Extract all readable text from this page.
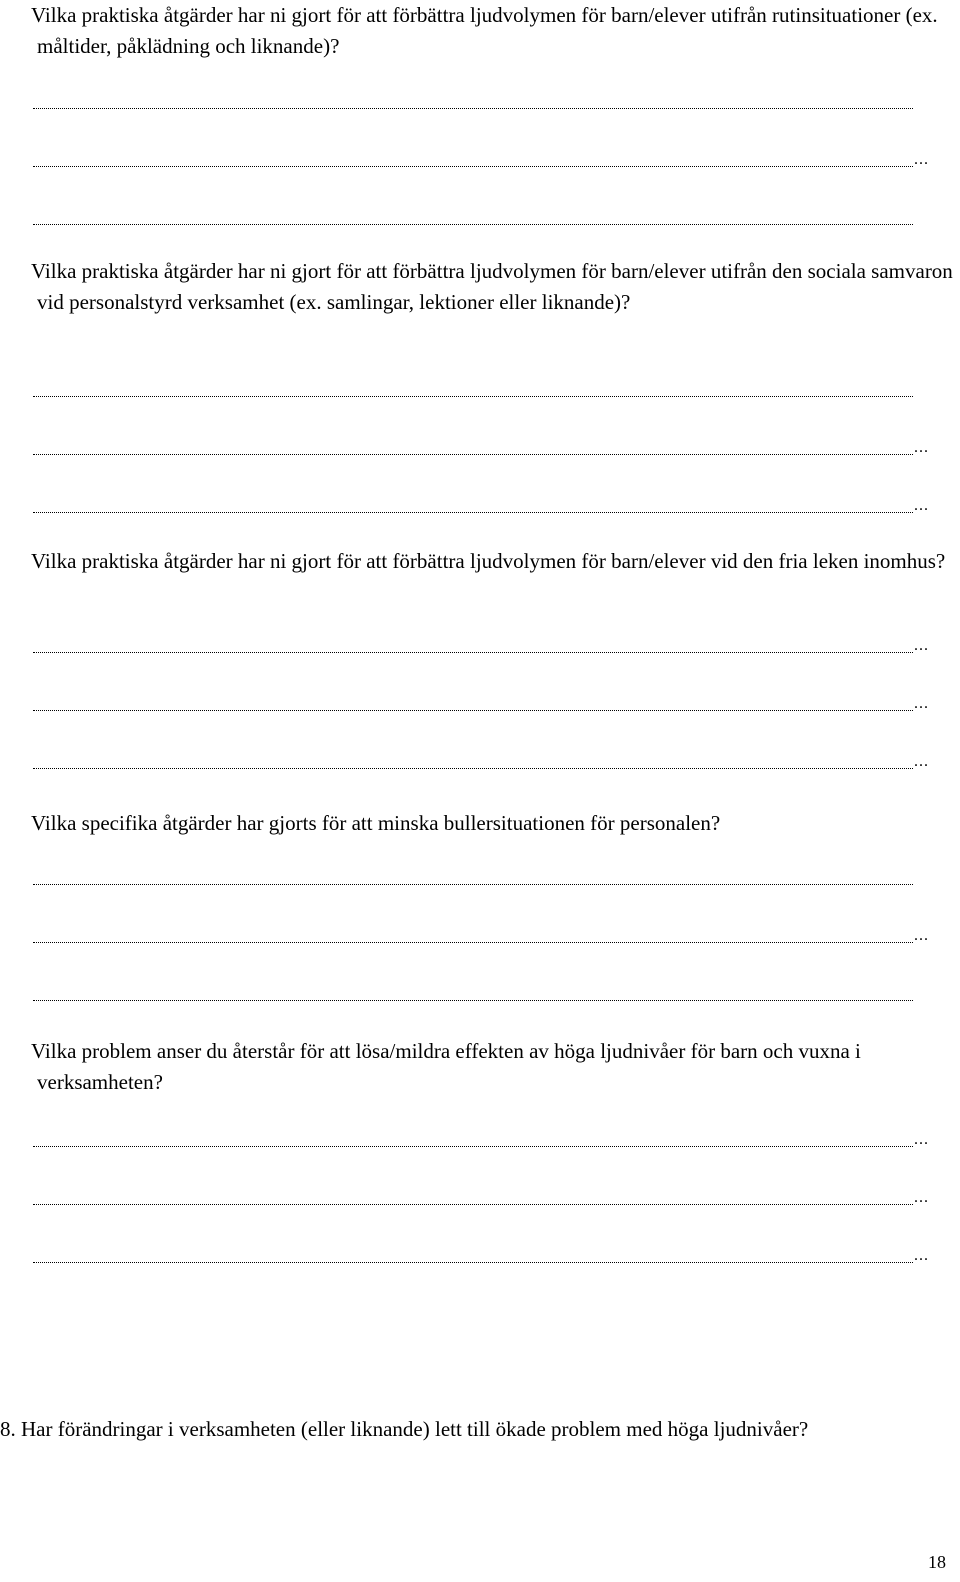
Vilka praktiska åtgärder har ni gjort för att förbättra ljudvolymen för barn/elever utifrån rutinsituationer (ex. måltider, påklädning och liknande)?

...

Vilka praktiska åtgärder har ni gjort för att förbättra ljudvolymen för barn/elever utifrån den sociala samvaron vid personalstyrd verksamhet (ex. samlingar, lektioner eller liknande)?

...
...

Vilka praktiska åtgärder har ni gjort för att förbättra ljudvolymen för barn/elever vid den fria leken inomhus?

...
...
...

Vilka specifika åtgärder har gjorts för att minska bullersituationen för personalen?

...

Vilka problem anser du återstår för att lösa/mildra effekten av höga ljudnivåer för barn och vuxna i verksamheten?

...
...
...

8. Har förändringar i verksamheten (eller liknande) lett till ökade problem med höga ljudnivåer?

18
